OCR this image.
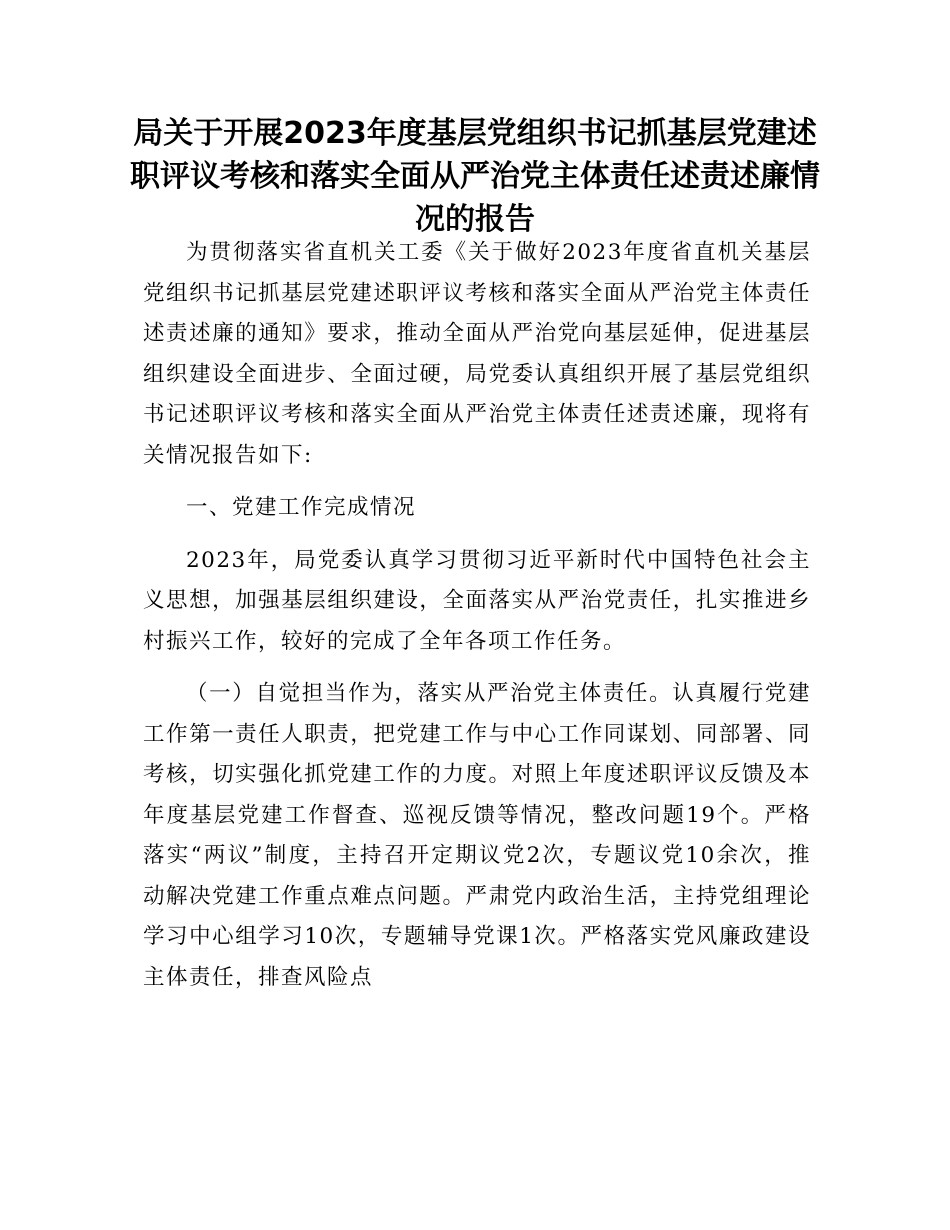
局关于开展2023年度基层党组织书记抓基层党建述职评议考核和落实全面从严治党主体责任述责述廉情况的报告

为贯彻落实省直机关工委《关于做好2023年度省直机关基层党组织书记抓基层党建述职评议考核和落实全面从严治党主体责任述责述廉的通知》要求，推动全面从严治党向基层延伸，促进基层组织建设全面进步、全面过硬，局党委认真组织开展了基层党组织书记述职评议考核和落实全面从严治党主体责任述责述廉，现将有关情况报告如下:

一、党建工作完成情况

2023年，局党委认真学习贯彻习近平新时代中国特色社会主义思想，加强基层组织建设，全面落实从严治党责任，扎实推进乡村振兴工作，较好的完成了全年各项工作任务。

（一）自觉担当作为，落实从严治党主体责任。认真履行党建工作第一责任人职责，把党建工作与中心工作同谋划、同部署、同考核，切实强化抓党建工作的力度。对照上年度述职评议反馈及本年度基层党建工作督查、巡视反馈等情况，整改问题19个。严格落实“两议”制度，主持召开定期议党2次，专题议党10余次，推动解决党建工作重点难点问题。严肃党内政治生活，主持党组理论学习中心组学习10次，专题辅导党课1次。严格落实党风廉政建设主体责任，排查风险点
